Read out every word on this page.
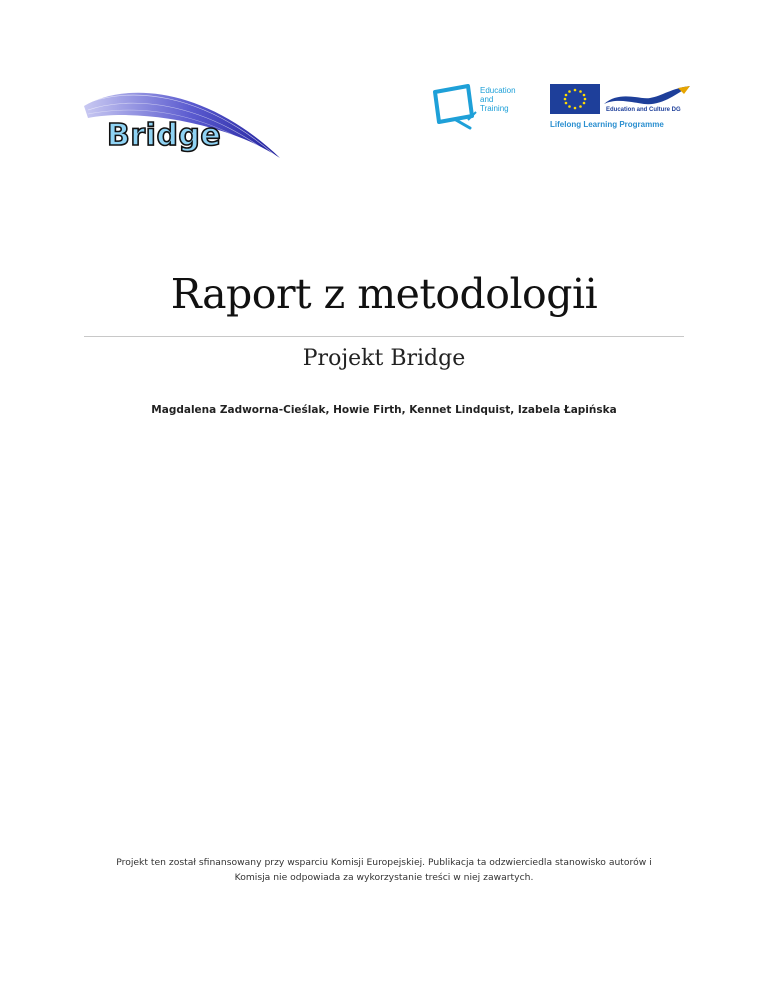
Bridge
Education
and
Training	Education and Culture DG
Lifelong Learning Programme
Raport z metodologii
Projekt Bridge
Magdalena Zadworna-Cieślak, Howie Firth, Kennet Lindquist, Izabela Łapińska
Projekt ten został sfinansowany przy wsparciu Komisji Europejskiej. Publikacja ta odzwierciedla stanowisko autorów i
Komisja nie odpowiada za wykorzystanie treści w niej zawartych.
